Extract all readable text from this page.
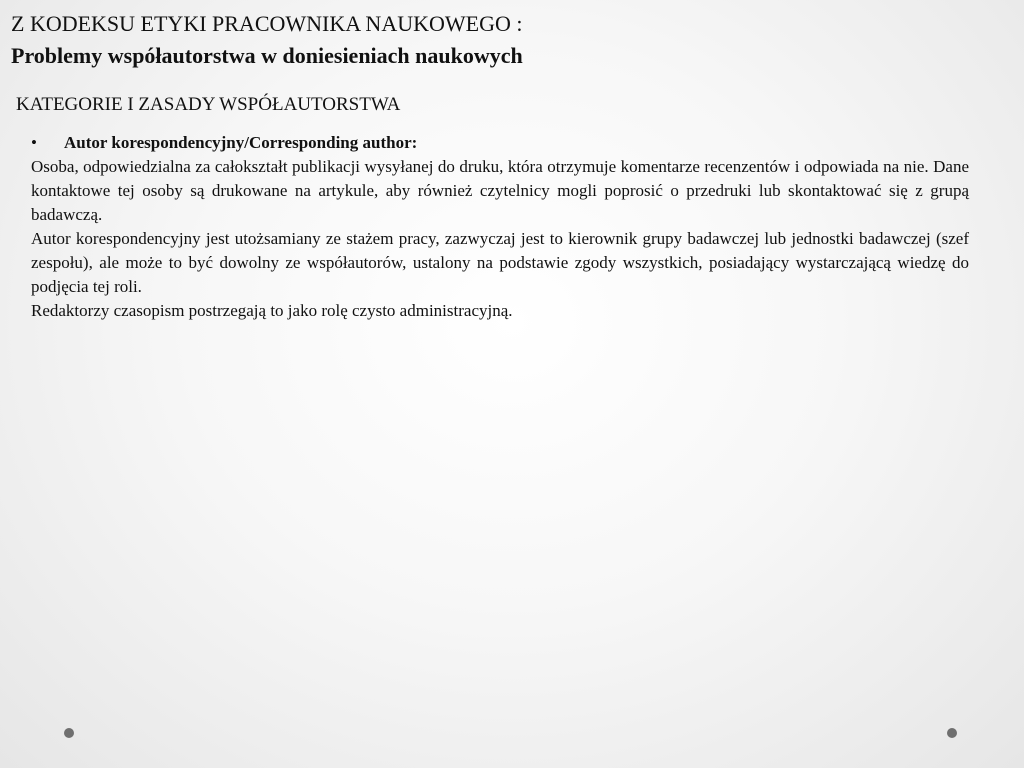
Z KODEKSU ETYKI PRACOWNIKA NAUKOWEGO :
Problemy współautorstwa w doniesieniach naukowych
KATEGORIE I ZASADY WSPÓŁAUTORSTWA
• Autor korespondencyjny/Corresponding author:

Osoba, odpowiedzialna za całokształt publikacji wysyłanej do druku, która otrzymuje komentarze recenzentów i odpowiada na nie. Dane kontaktowe tej osoby są drukowane na artykule, aby również czytelnicy mogli poprosić o przedruki lub skontaktować się z grupą badawczą.

Autor korespondencyjny jest utożsamiany ze stażem pracy, zazwyczaj jest to kierownik grupy badawczej lub jednostki badawczej (szef zespołu), ale może to być dowolny ze współautorów, ustalony na podstawie zgody wszystkich, posiadający wystarczającą wiedzę do podjęcia tej roli.

Redaktorzy czasopism postrzegają to jako rolę czysto administracyjną.
